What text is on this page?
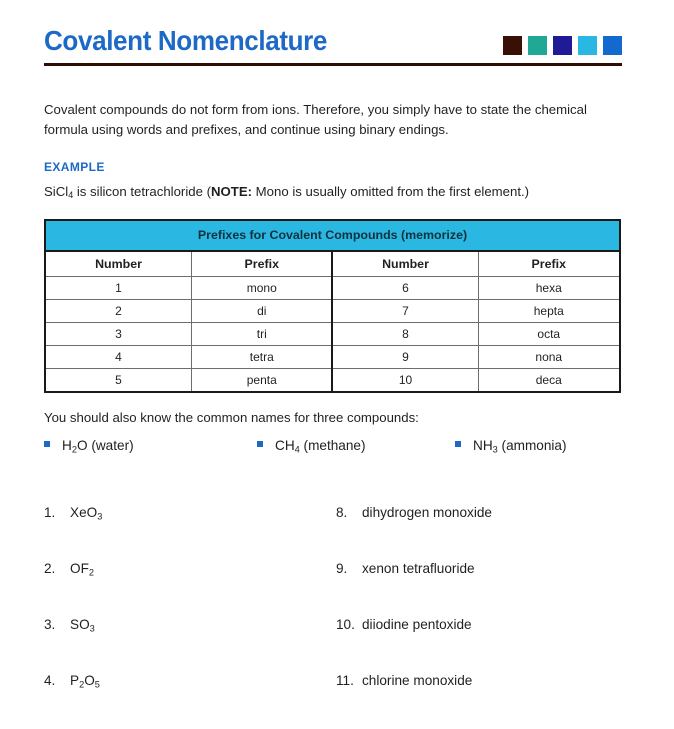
Covalent Nomenclature
Covalent compounds do not form from ions. Therefore, you simply have to state the chemical formula using words and prefixes, and continue using binary endings.
EXAMPLE
SiCl$_4$ is silicon tetrachloride (NOTE: Mono is usually omitted from the first element.)
Prefixes for Covalent Compounds (memorize)
Number	Prefix	Number	Prefix
1	mono	6	hexa
2	di	7	hepta
3	tri	8	octa
4	tetra	9	nona
5	penta	10	deca
You should also know the common names for three compounds:
$H_2O$ (water)	$CH_4$ (methane)	$NH_3$ (ammonia)
1.	XeO$_3$
2.	$OF_2$
3.	$SO_3$
4.	$P_2O_5$
8.	dihydrogen monoxide
9.	xenon tetrafluoride
10. diiodine pentoxide
11. chlorine monoxide
